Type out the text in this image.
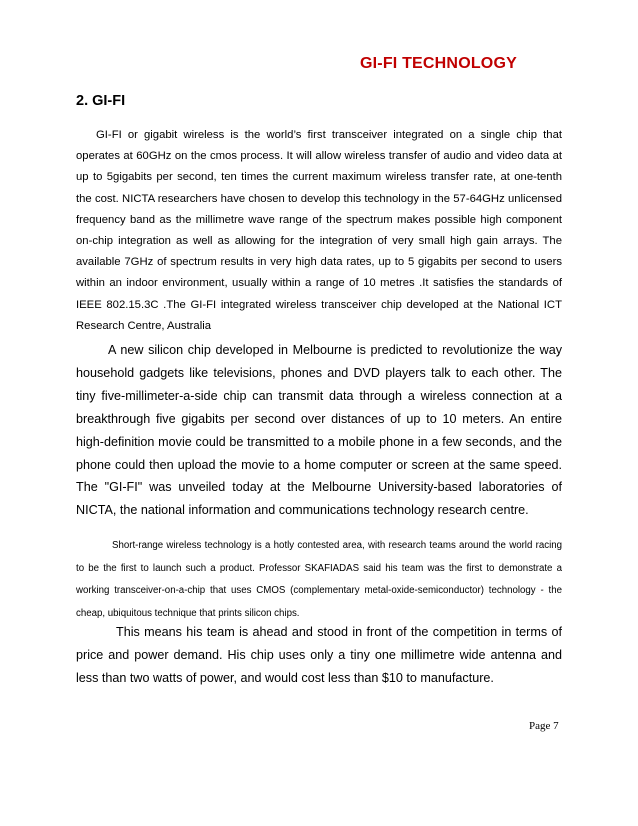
GI-FI TECHNOLOGY
2. GI-FI

GI-FI or gigabit wireless is the world’s first transceiver integrated on a single chip that operates at 60GHz on the cmos process. It will allow wireless transfer of audio and video data at up to 5gigabits per second, ten times the current maximum wireless transfer rate, at one-tenth the cost. NICTA researchers have chosen to develop this technology in the 57-64GHz unlicensed frequency band as the millimetre wave range of the spectrum makes possible high component on-chip integration as well as allowing for the integration of very small high gain arrays. The available 7GHz of spectrum results in very high data rates, up to 5 gigabits per second to users within an indoor environment, usually within a range of 10 metres .It satisfies the standards of IEEE 802.15.3C .The GI-FI integrated wireless transceiver chip developed at the National ICT Research Centre, Australia

A new silicon chip developed in Melbourne is predicted to revolutionize the way household gadgets like televisions, phones and DVD players talk to each other. The tiny five-millimeter-a-side chip can transmit data through a wireless connection at a breakthrough five gigabits per second over distances of up to 10 meters. An entire high-definition movie could be transmitted to a mobile phone in a few seconds, and the phone could then upload the movie to a home computer or screen at the same speed. The "GI-FI" was unveiled today at the Melbourne University-based laboratories of NICTA, the national information and communications technology research centre.

Short-range wireless technology is a hotly contested area, with research teams around the world racing to be the first to launch such a product. Professor SKAFIADAS said his team was the first to demonstrate a working transceiver-on-a-chip that uses CMOS (complementary metal-oxide-semiconductor) technology - the cheap, ubiquitous technique that prints silicon chips.

This means his team is ahead and stood in front of the competition in terms of price and power demand. His chip uses only a tiny one millimetre wide antenna and less than two watts of power, and would cost less than $10 to manufacture.

Page 7
